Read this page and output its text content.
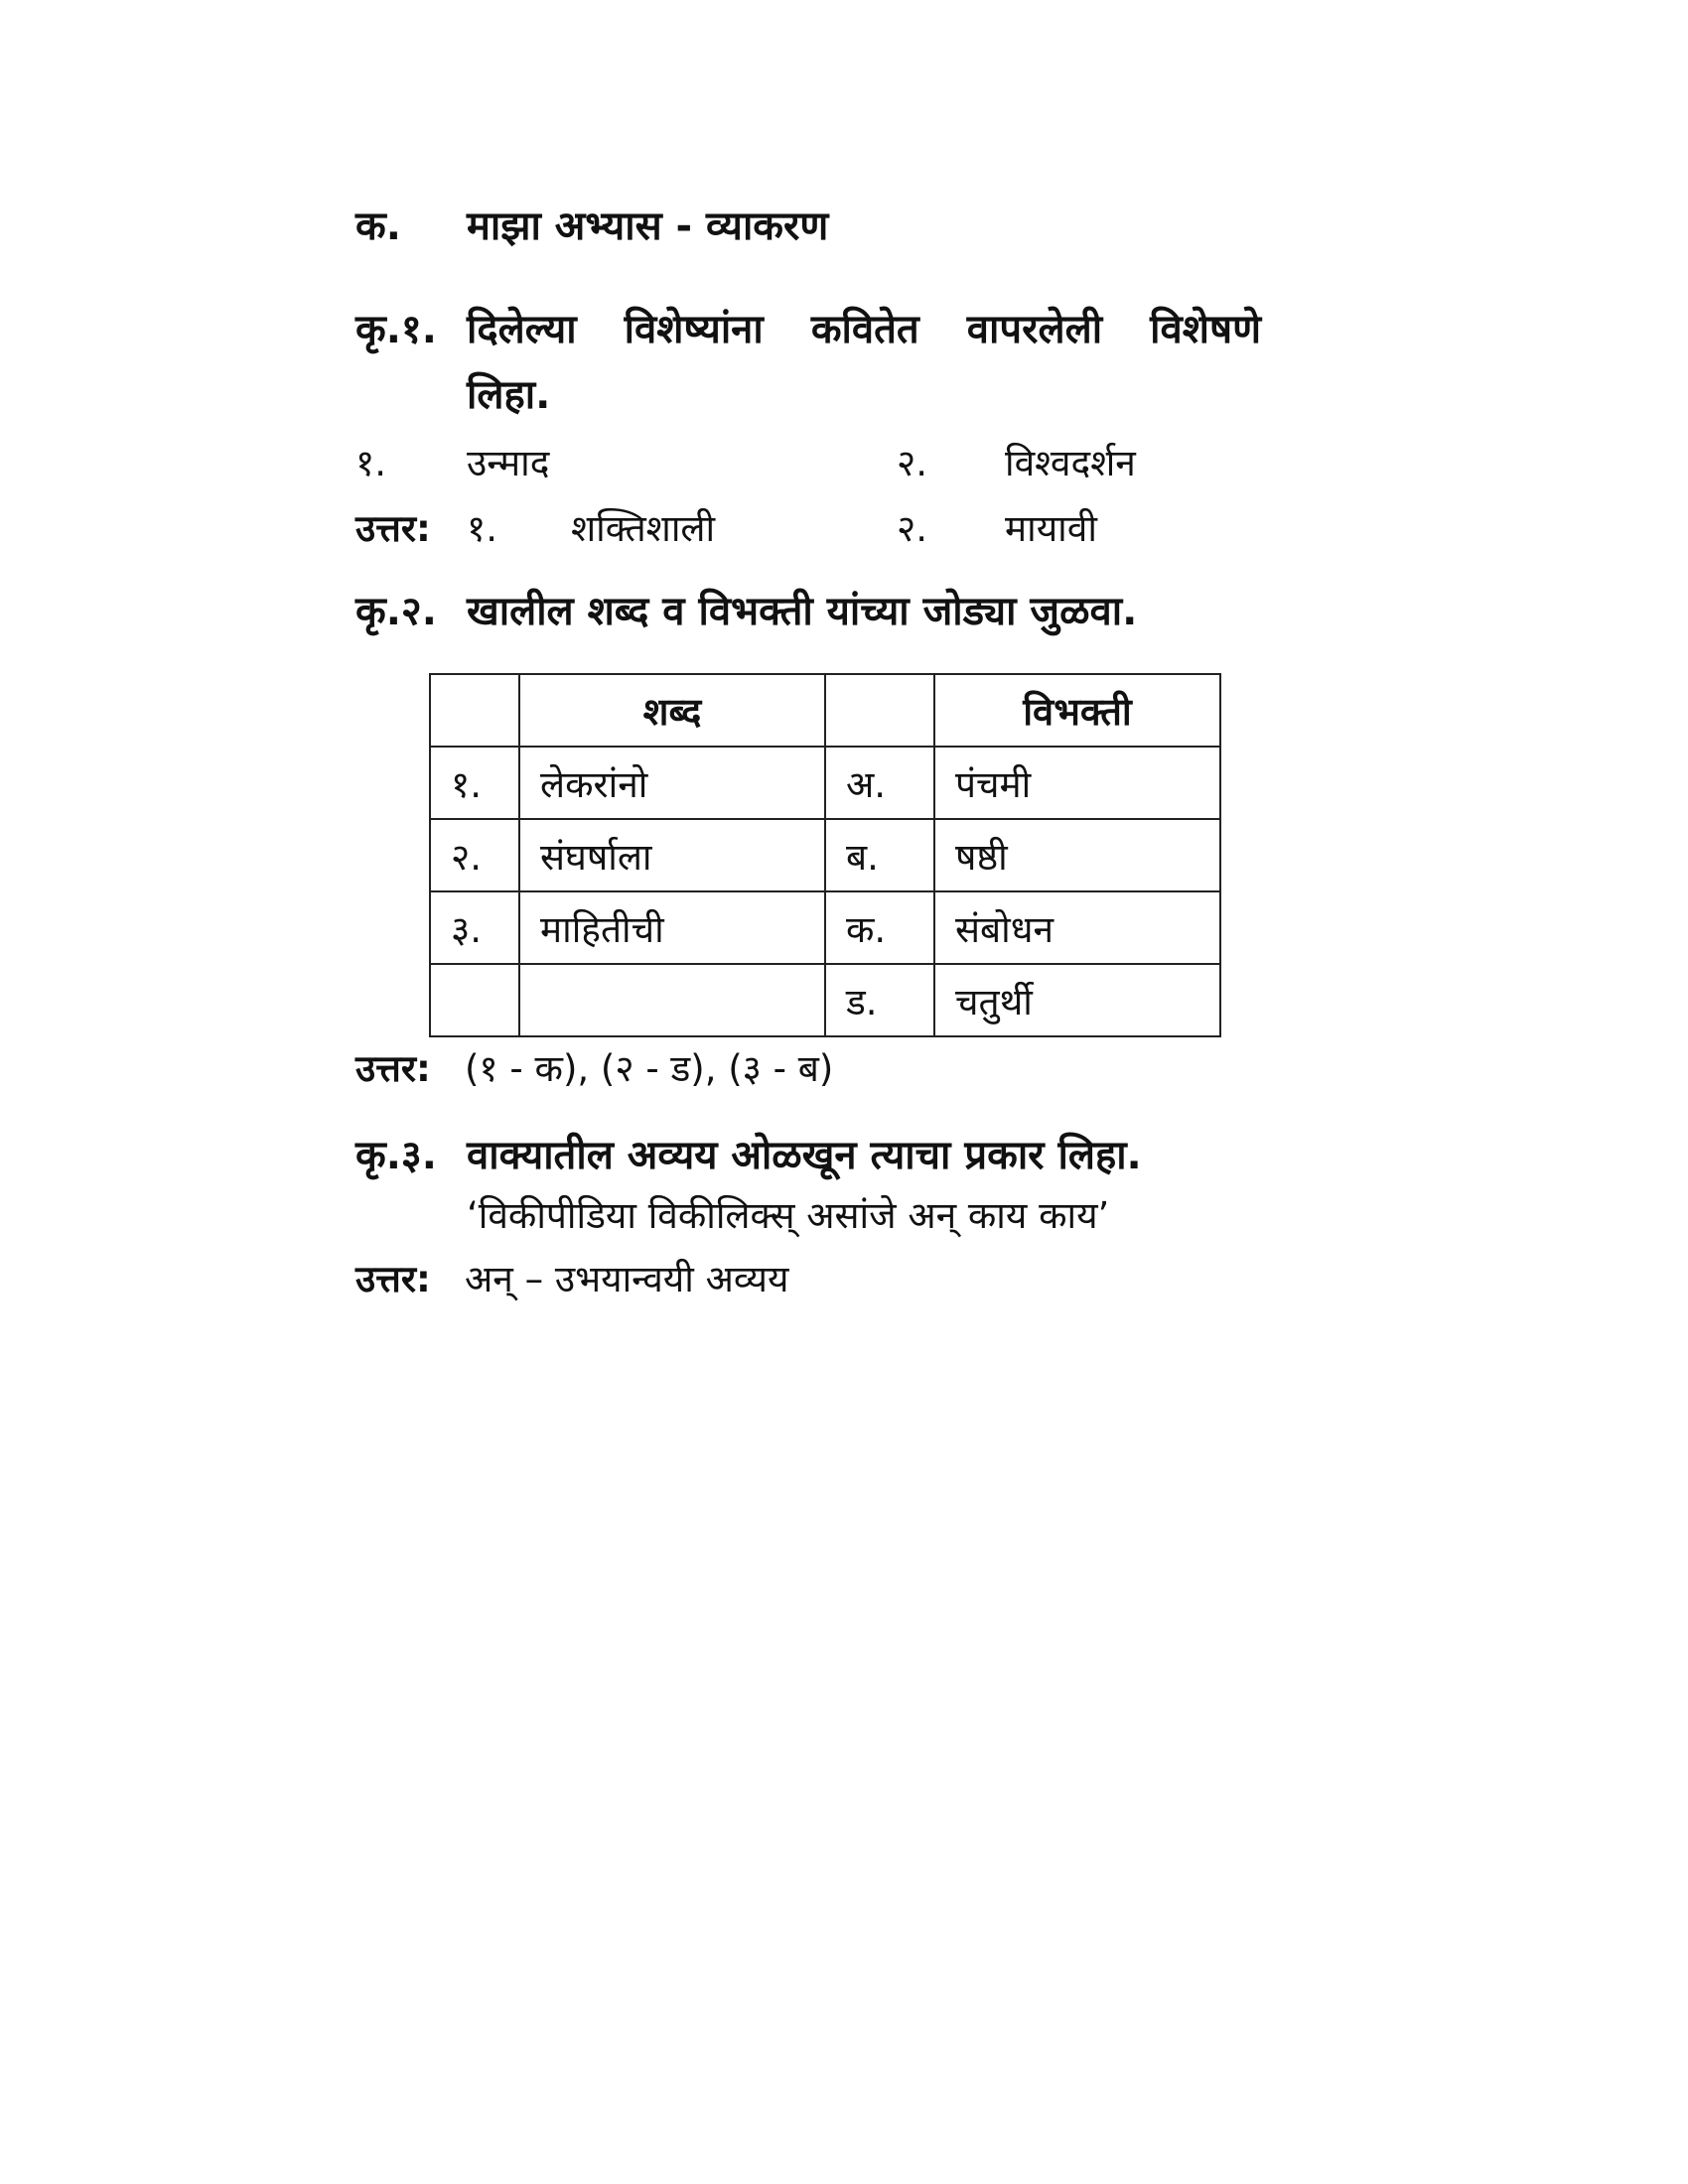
क. माझा अभ्यास - व्याकरण
कृ.१. दिलेल्या विशेष्यांना कवितेत वापरलेली विशेषणे
लिहा.
१. उन्माद	२. विश्वदर्शन
उत्तर: १. शक्तिशाली	२. मायावी
कृ.२. खालील शब्द व विभक्ती यांच्या जोड्या जुळवा.
	शब्द		विभक्ती
१.	लेकरांनो	अ.	पंचमी
२.	संघर्षाला	ब.	षष्ठी
३.	माहितीची	क.	संबोधन
		ड.	चतुर्थी
उत्तर: (१ - क), (२ - ड), (३ - ब)
कृ.३. वाक्यातील अव्यय ओळखून त्याचा प्रकार लिहा.
‘विकीपीडिया विकीलिक्स् असांजे अन् काय काय’
उत्तर: अन् – उभयान्वयी अव्यय
